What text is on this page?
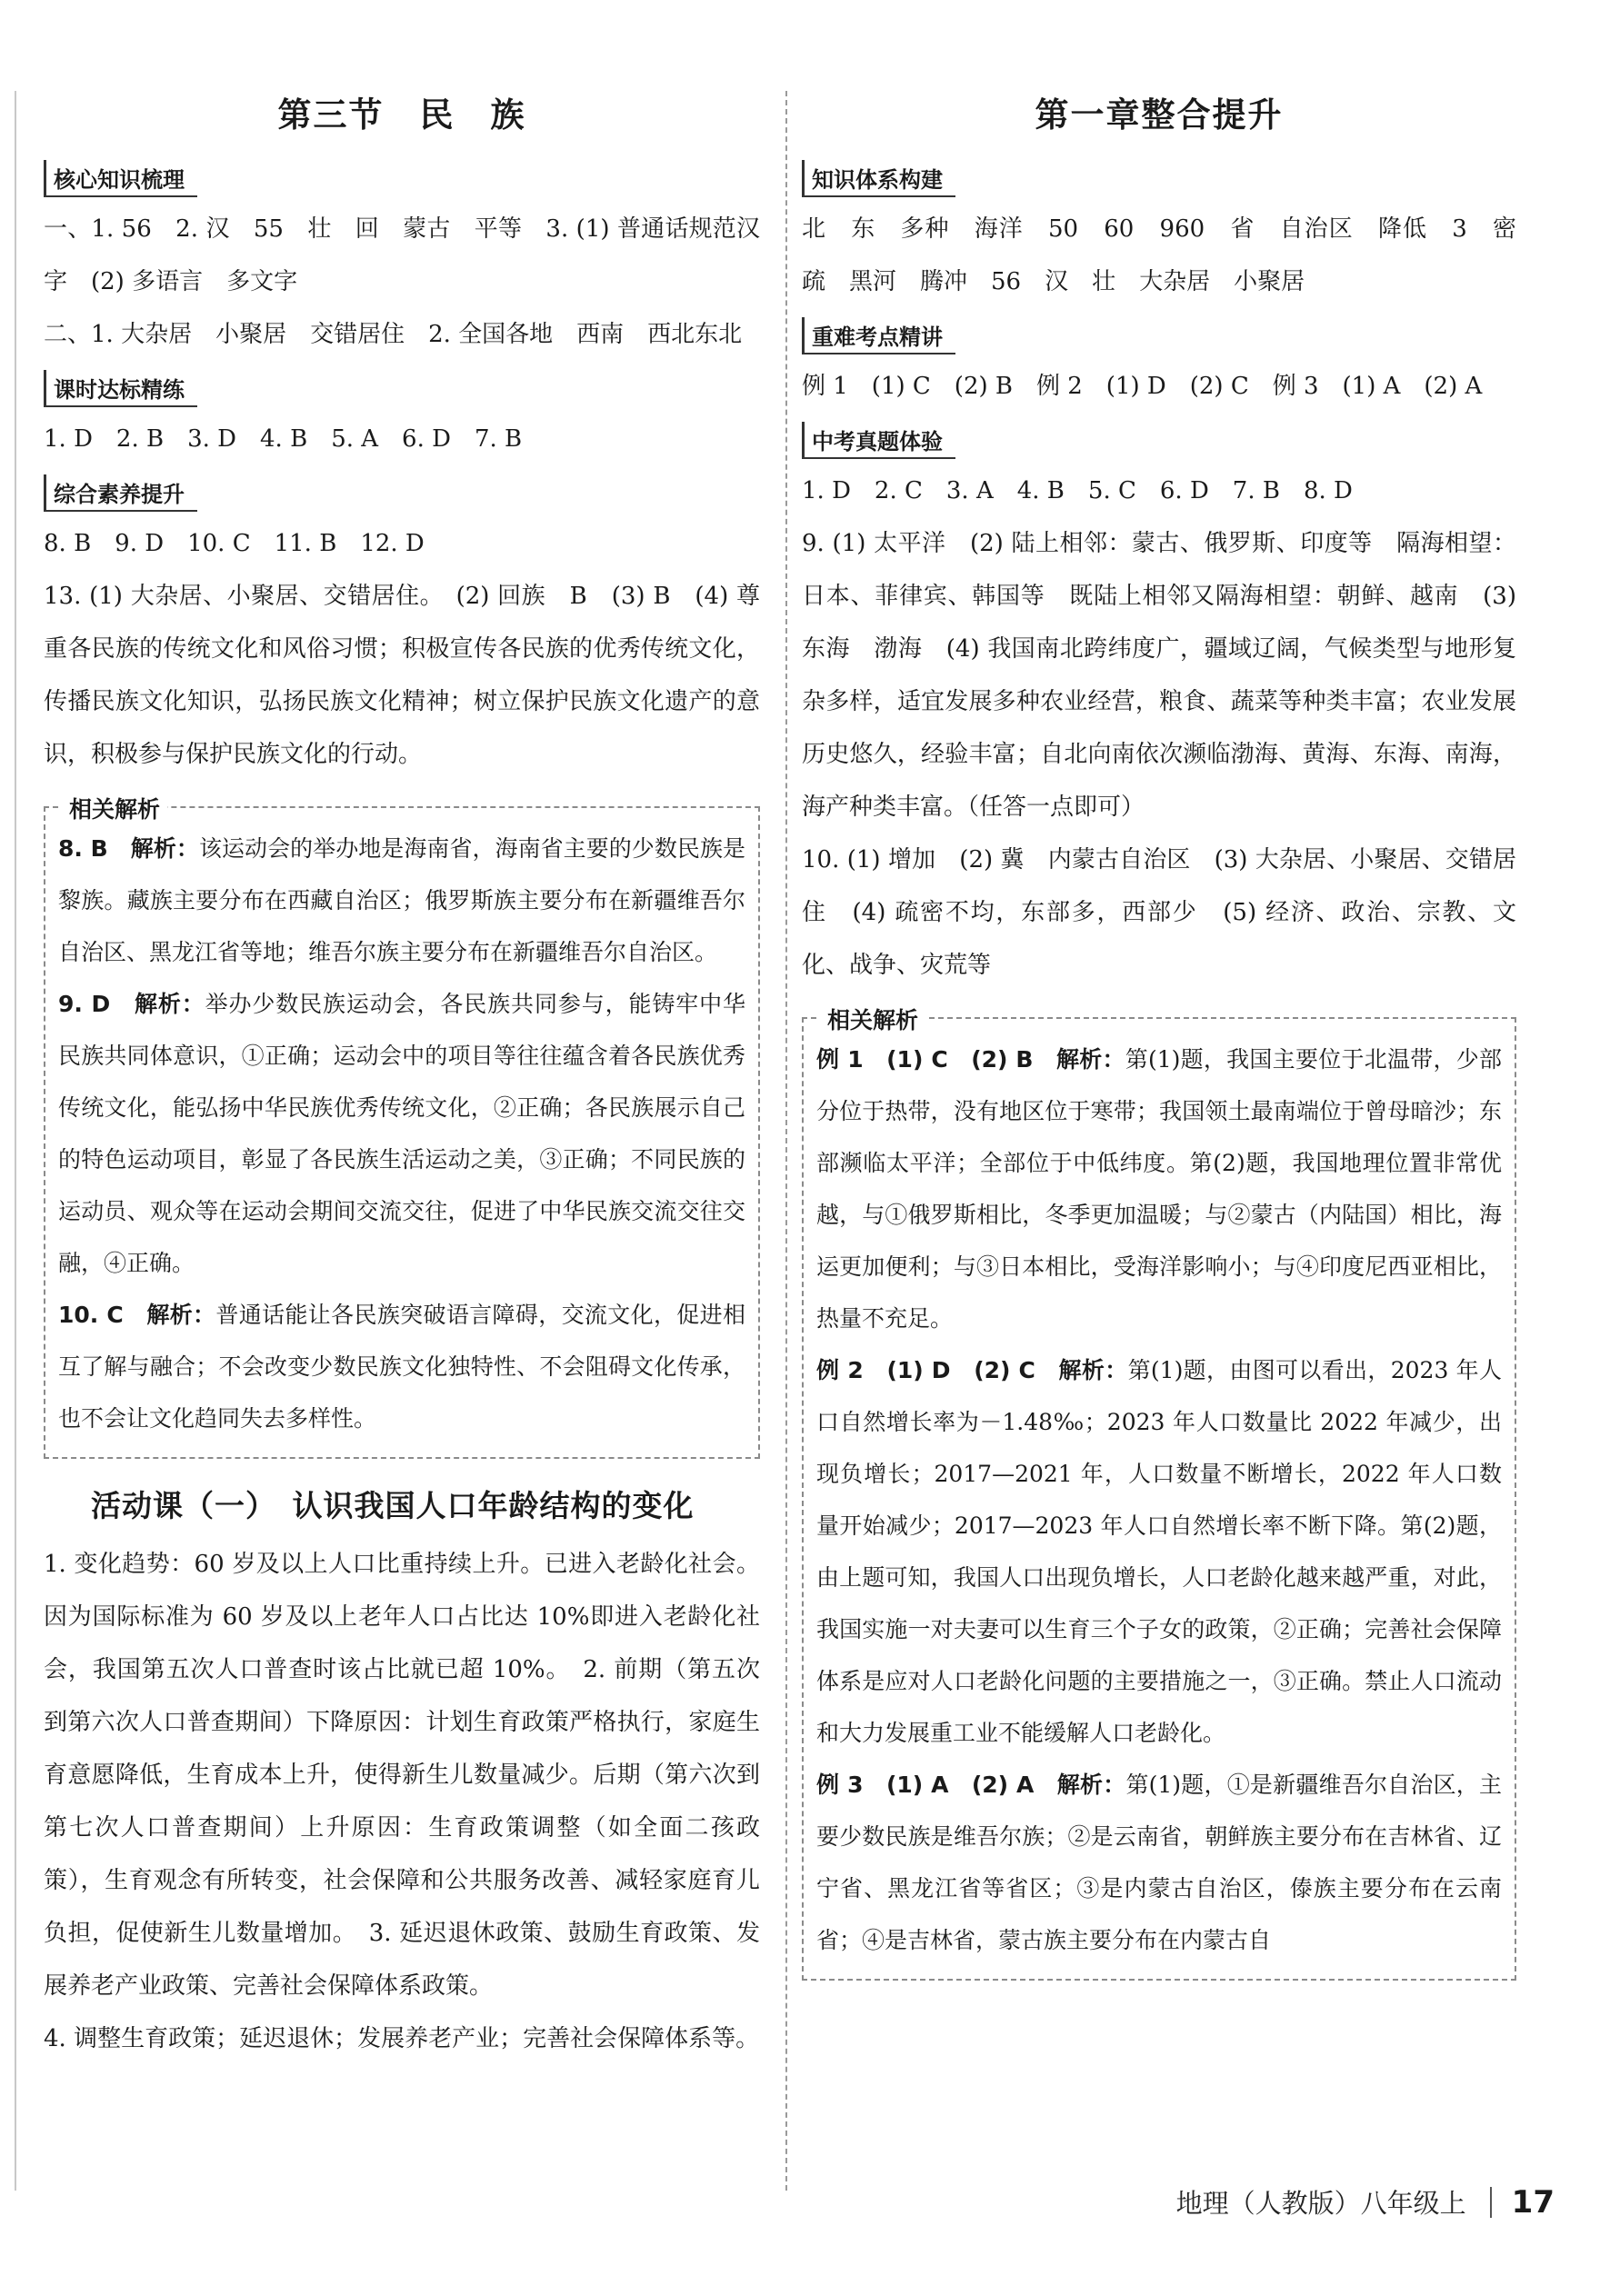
第三节　民　族
核心知识梳理

一、1. 56　2. 汉　55　壮　回　蒙古　平等　3. (1) 普通话规范汉字　(2) 多语言　多文字

二、1. 大杂居　小聚居　交错居住　2. 全国各地　西南　西北东北

课时达标精练

1. D　2. B　3. D　4. B　5. A　6. D　7. B

综合素养提升

8. B　9. D　10. C　11. B　12. D

13. (1) 大杂居、小聚居、交错居住。　(2) 回族　B　(3) B　(4) 尊重各民族的传统文化和风俗习惯；积极宣传各民族的优秀传统文化，传播民族文化知识，弘扬民族文化精神；树立保护民族文化遗产的意识，积极参与保护民族文化的行动。

相关解析

8. B　解析：该运动会的举办地是海南省，海南省主要的少数民族是黎族。藏族主要分布在西藏自治区；俄罗斯族主要分布在新疆维吾尔自治区、黑龙江省等地；维吾尔族主要分布在新疆维吾尔自治区。

9. D　解析：举办少数民族运动会，各民族共同参与，能铸牢中华民族共同体意识，①正确；运动会中的项目等往往蕴含着各民族优秀传统文化，能弘扬中华民族优秀传统文化，②正确；各民族展示自己的特色运动项目，彰显了各民族生活运动之美，③正确；不同民族的运动员、观众等在运动会期间交流交往，促进了中华民族交流交往交融，④正确。

10. C　解析：普通话能让各民族突破语言障碍，交流文化，促进相互了解与融合；不会改变少数民族文化独特性、不会阻碍文化传承，也不会让文化趋同失去多样性。

活动课（一）　认识我国人口年龄结构的变化

1. 变化趋势：60 岁及以上人口比重持续上升。已进入老龄化社会。因为国际标准为 60 岁及以上老年人口占比达 10%即进入老龄化社会，我国第五次人口普查时该占比就已超 10%。　2. 前期（第五次到第六次人口普查期间）下降原因：计划生育政策严格执行，家庭生育意愿降低，生育成本上升，使得新生儿数量减少。后期（第六次到第七次人口普查期间）上升原因：生育政策调整（如全面二孩政策），生育观念有所转变，社会保障和公共服务改善、减轻家庭育儿负担，促使新生儿数量增加。　3. 延迟退休政策、鼓励生育政策、发展养老产业政策、完善社会保障体系政策。

4. 调整生育政策；延迟退休；发展养老产业；完善社会保障体系等。

第一章整合提升
知识体系构建

北　东　多种　海洋　50　60　960　省　自治区　降低　3　密　疏　黑河　腾冲　56　汉　壮　大杂居　小聚居

重难考点精讲

例 1　(1) C　(2) B　例 2　(1) D　(2) C　例 3　(1) A　(2) A

中考真题体验

1. D　2. C　3. A　4. B　5. C　6. D　7. B　8. D

9. (1) 太平洋　(2) 陆上相邻：蒙古、俄罗斯、印度等　隔海相望：日本、菲律宾、韩国等　既陆上相邻又隔海相望：朝鲜、越南　(3) 东海　渤海　(4) 我国南北跨纬度广，疆域辽阔，气候类型与地形复杂多样，适宜发展多种农业经营，粮食、蔬菜等种类丰富；农业发展历史悠久，经验丰富；自北向南依次濒临渤海、黄海、东海、南海，海产种类丰富。（任答一点即可）

10. (1) 增加　(2) 冀　内蒙古自治区　(3) 大杂居、小聚居、交错居住　(4) 疏密不均，东部多，西部少　(5) 经济、政治、宗教、文化、战争、灾荒等

相关解析

例 1　(1) C　(2) B　解析：第(1)题，我国主要位于北温带，少部分位于热带，没有地区位于寒带；我国领土最南端位于曾母暗沙；东部濒临太平洋；全部位于中低纬度。第(2)题，我国地理位置非常优越，与①俄罗斯相比，冬季更加温暖；与②蒙古（内陆国）相比，海运更加便利；与③日本相比，受海洋影响小；与④印度尼西亚相比，热量不充足。

例 2　(1) D　(2) C　解析：第(1)题，由图可以看出，2023 年人口自然增长率为－1.48‰；2023 年人口数量比 2022 年减少，出现负增长；2017—2021 年，人口数量不断增长，2022 年人口数量开始减少；2017—2023 年人口自然增长率不断下降。第(2)题，由上题可知，我国人口出现负增长，人口老龄化越来越严重，对此，我国实施一对夫妻可以生育三个子女的政策，②正确；完善社会保障体系是应对人口老龄化问题的主要措施之一，③正确。禁止人口流动和大力发展重工业不能缓解人口老龄化。

例 3　(1) A　(2) A　解析：第(1)题，①是新疆维吾尔自治区，主要少数民族是维吾尔族；②是云南省，朝鲜族主要分布在吉林省、辽宁省、黑龙江省等省区；③是内蒙古自治区，傣族主要分布在云南省；④是吉林省，蒙古族主要分布在内蒙古自

地理（人教版）八年级上 17
